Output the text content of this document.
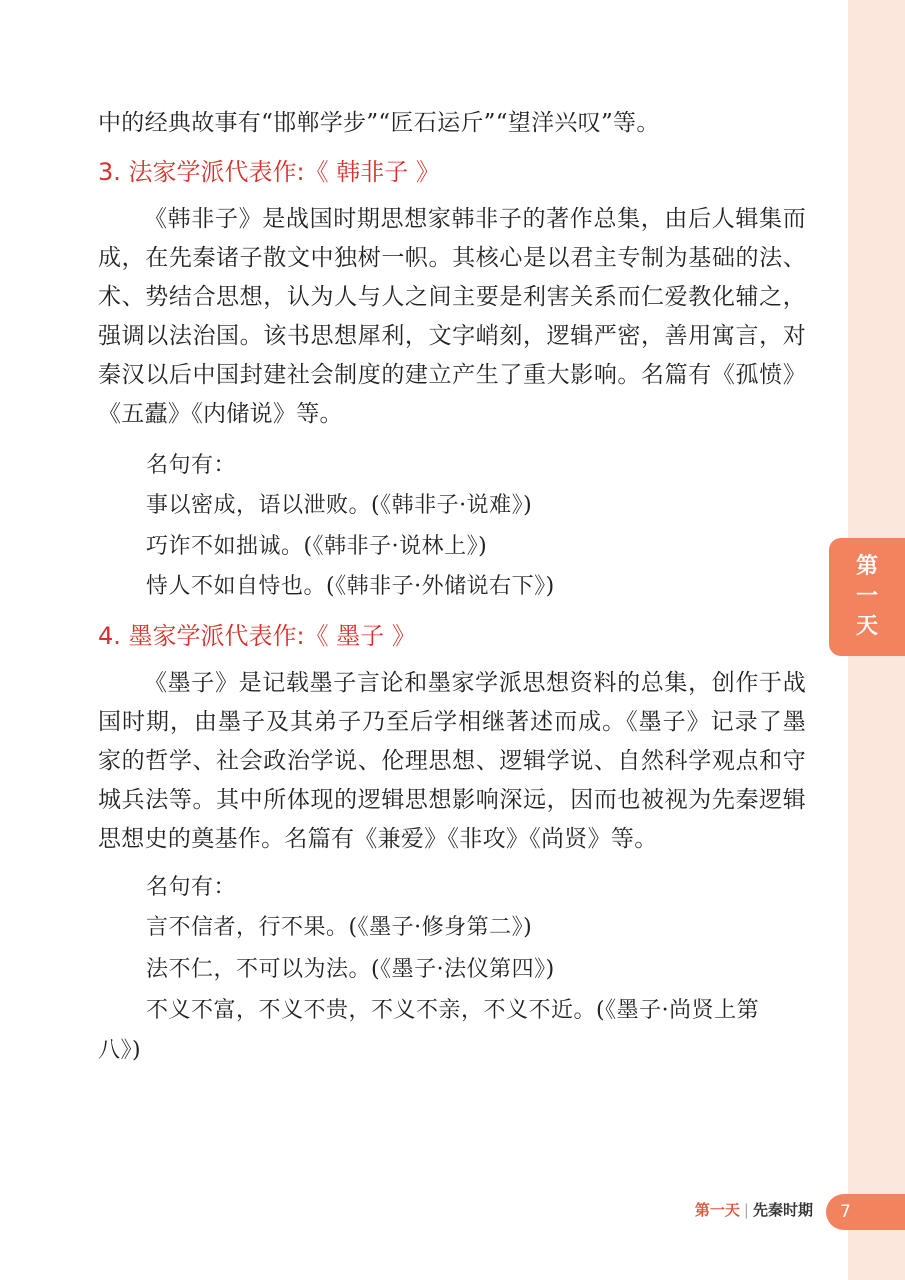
第一天
中的经典故事有“邯郸学步”“匠石运斤”“望洋兴叹”等。
3. 法家学派代表作:《 韩非子 》
《韩非子》是战国时期思想家韩非子的著作总集，由后人辑集而成，在先秦诸子散文中独树一帜。其核心是以君主专制为基础的法、术、势结合思想，认为人与人之间主要是利害关系而仁爱教化辅之，强调以法治国。该书思想犀利，文字峭刻，逻辑严密，善用寓言，对秦汉以后中国封建社会制度的建立产生了重大影响。名篇有《孤愤》《五蠹》《内储说》等。
名句有：
事以密成，语以泄败。(《韩非子·说难》)
巧诈不如拙诚。(《韩非子·说林上》)
恃人不如自恃也。(《韩非子·外储说右下》)
4. 墨家学派代表作:《 墨子 》
《墨子》是记载墨子言论和墨家学派思想资料的总集，创作于战国时期，由墨子及其弟子乃至后学相继著述而成。《墨子》记录了墨家的哲学、社会政治学说、伦理思想、逻辑学说、自然科学观点和守城兵法等。其中所体现的逻辑思想影响深远，因而也被视为先秦逻辑思想史的奠基作。名篇有《兼爱》《非攻》《尚贤》等。
名句有：
言不信者，行不果。(《墨子·修身第二》)
法不仁，不可以为法。(《墨子·法仪第四》)
不义不富，不义不贵，不义不亲，不义不近。(《墨子·尚贤上第八》)
第一天 | 先秦时期 7
